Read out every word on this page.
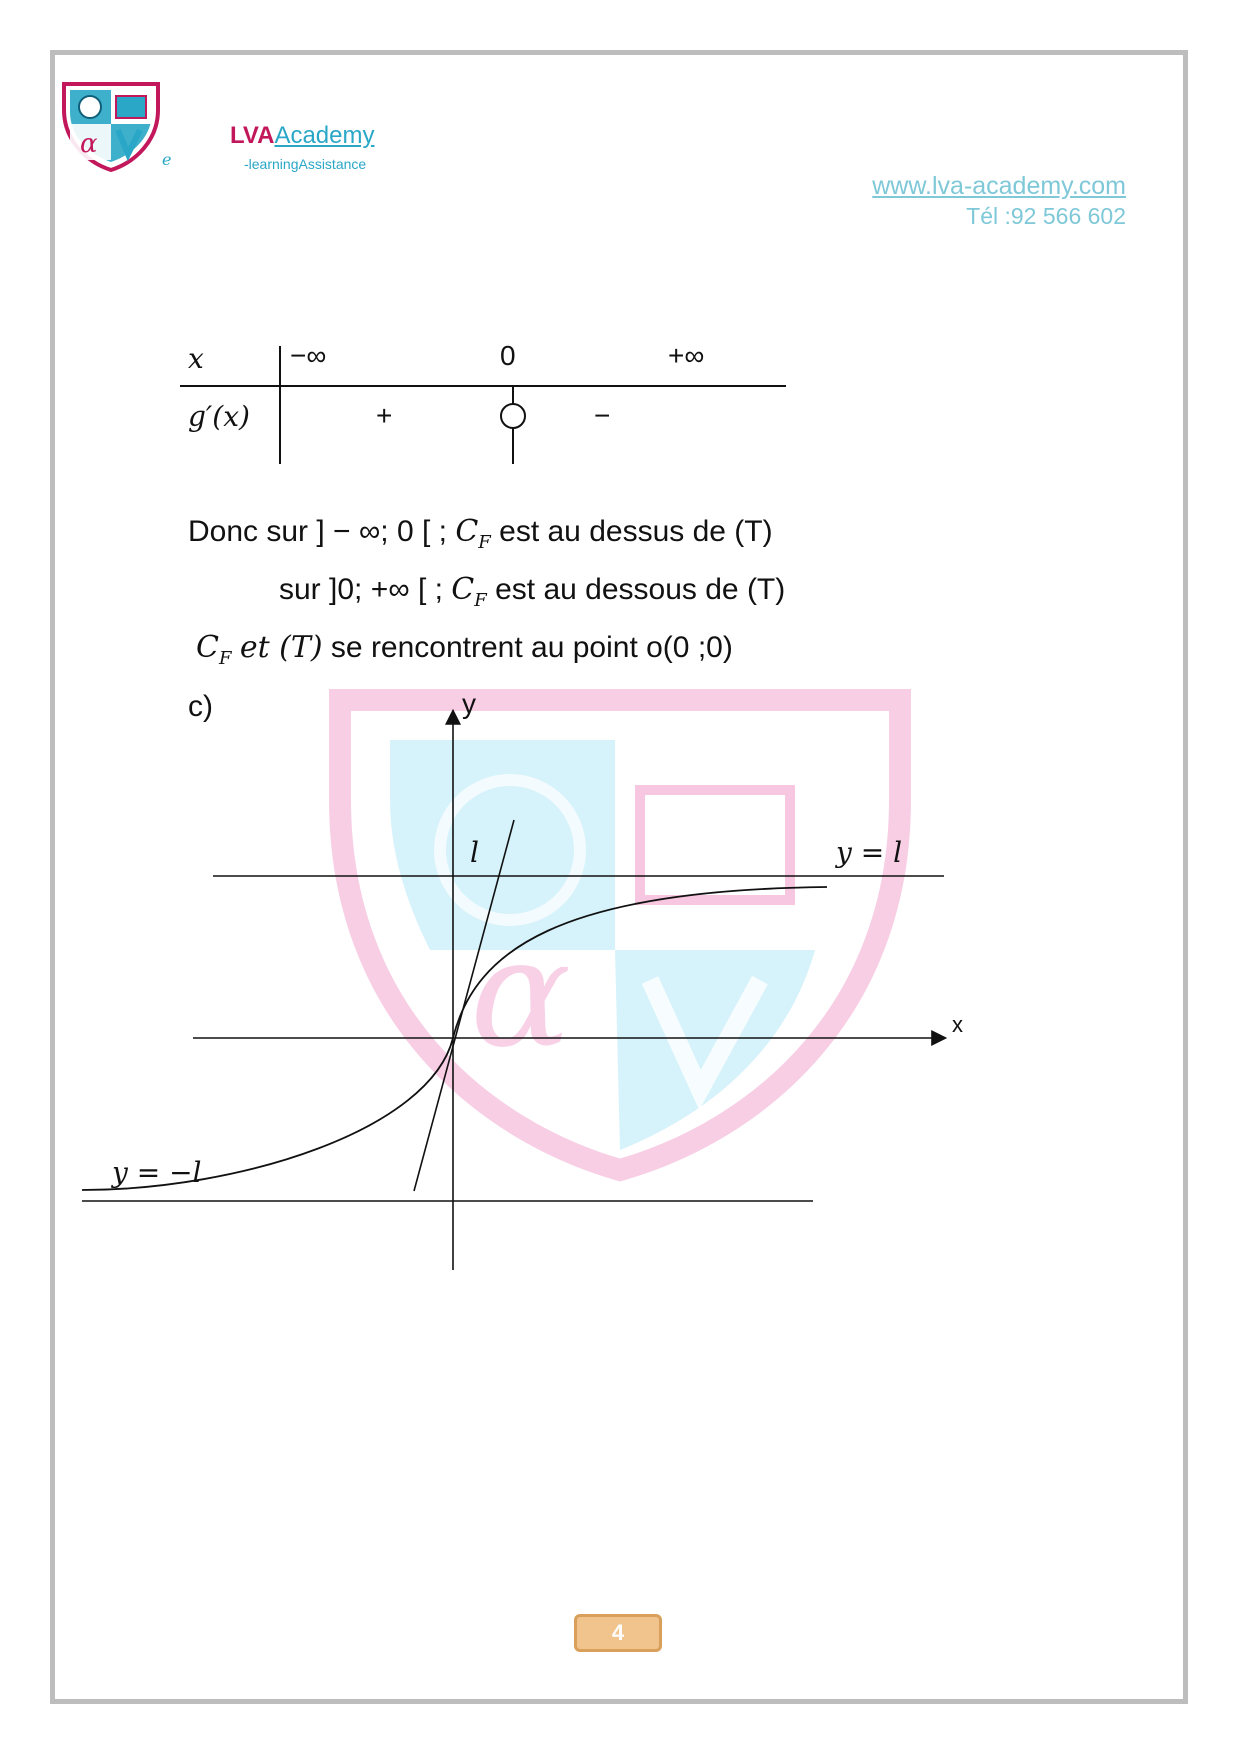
α
e
LVAAcademy
-learningAssistance
www.lva-academy.com
Tél :92 566 602
α
x	−∞	0	+∞
g′(x)	+	−
Donc sur ] − ∞; 0 [ ; $C_F$ est au dessus de (T)
sur ]0; +∞ [ ; $C_F$ est au dessous de (T)
$C_F$ et (T) se rencontrent au point o(0 ;0)
c)	y
x
l	y = l
y = −l
4
